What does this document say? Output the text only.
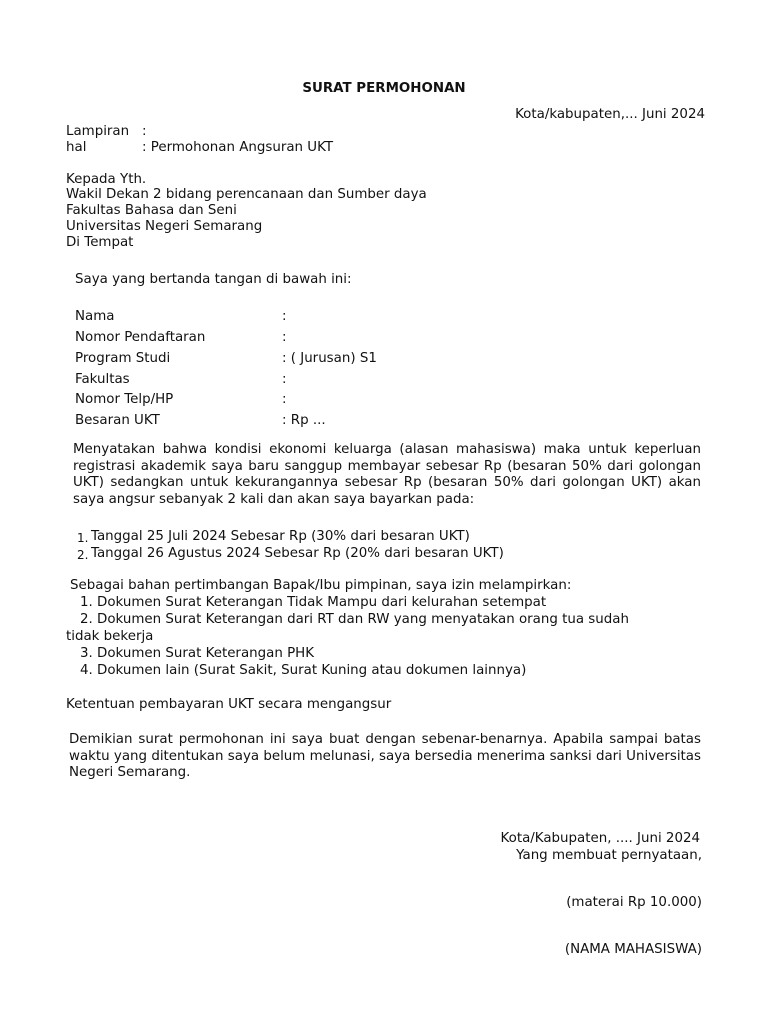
SURAT PERMOHONAN
Kota/kabupaten,... Juni 2024
Lampiran :
hal	: Permohonan Angsuran UKT
Kepada Yth.
Wakil Dekan 2 bidang perencanaan dan Sumber daya
Fakultas Bahasa dan Seni
Universitas Negeri Semarang
Di Tempat
Saya yang bertanda tangan di bawah ini:
Nama	:
Nomor Pendaftaran	:
Program Studi	: ( Jurusan) S1
Fakultas	:
Nomor Telp/HP	:
Besaran UKT	: Rp ...
Menyatakan bahwa kondisi ekonomi keluarga (alasan mahasiswa) maka untuk keperluan registrasi akademik saya baru sanggup membayar sebesar Rp (besaran 50% dari golongan UKT) sedangkan untuk kekurangannya sebesar Rp (besaran 50% dari golongan UKT) akan saya angsur sebanyak 2 kali dan akan saya bayarkan pada:
1. Tanggal 25 Juli 2024 Sebesar Rp (30% dari besaran UKT)
2. Tanggal 26 Agustus 2024 Sebesar Rp (20% dari besaran UKT)
Sebagai bahan pertimbangan Bapak/Ibu pimpinan, saya izin melampirkan:
1. Dokumen Surat Keterangan Tidak Mampu dari kelurahan setempat
2. Dokumen Surat Keterangan dari RT dan RW yang menyatakan orang tua sudah
tidak bekerja
3. Dokumen Surat Keterangan PHK
4. Dokumen lain (Surat Sakit, Surat Kuning atau dokumen lainnya)
Ketentuan pembayaran UKT secara mengangsur
Demikian surat permohonan ini saya buat dengan sebenar-benarnya. Apabila sampai batas waktu yang ditentukan saya belum melunasi, saya bersedia menerima sanksi dari Universitas Negeri Semarang.
Kota/Kabupaten, .... Juni 2024
Yang membuat pernyataan,
(materai Rp 10.000)
(NAMA MAHASISWA)
